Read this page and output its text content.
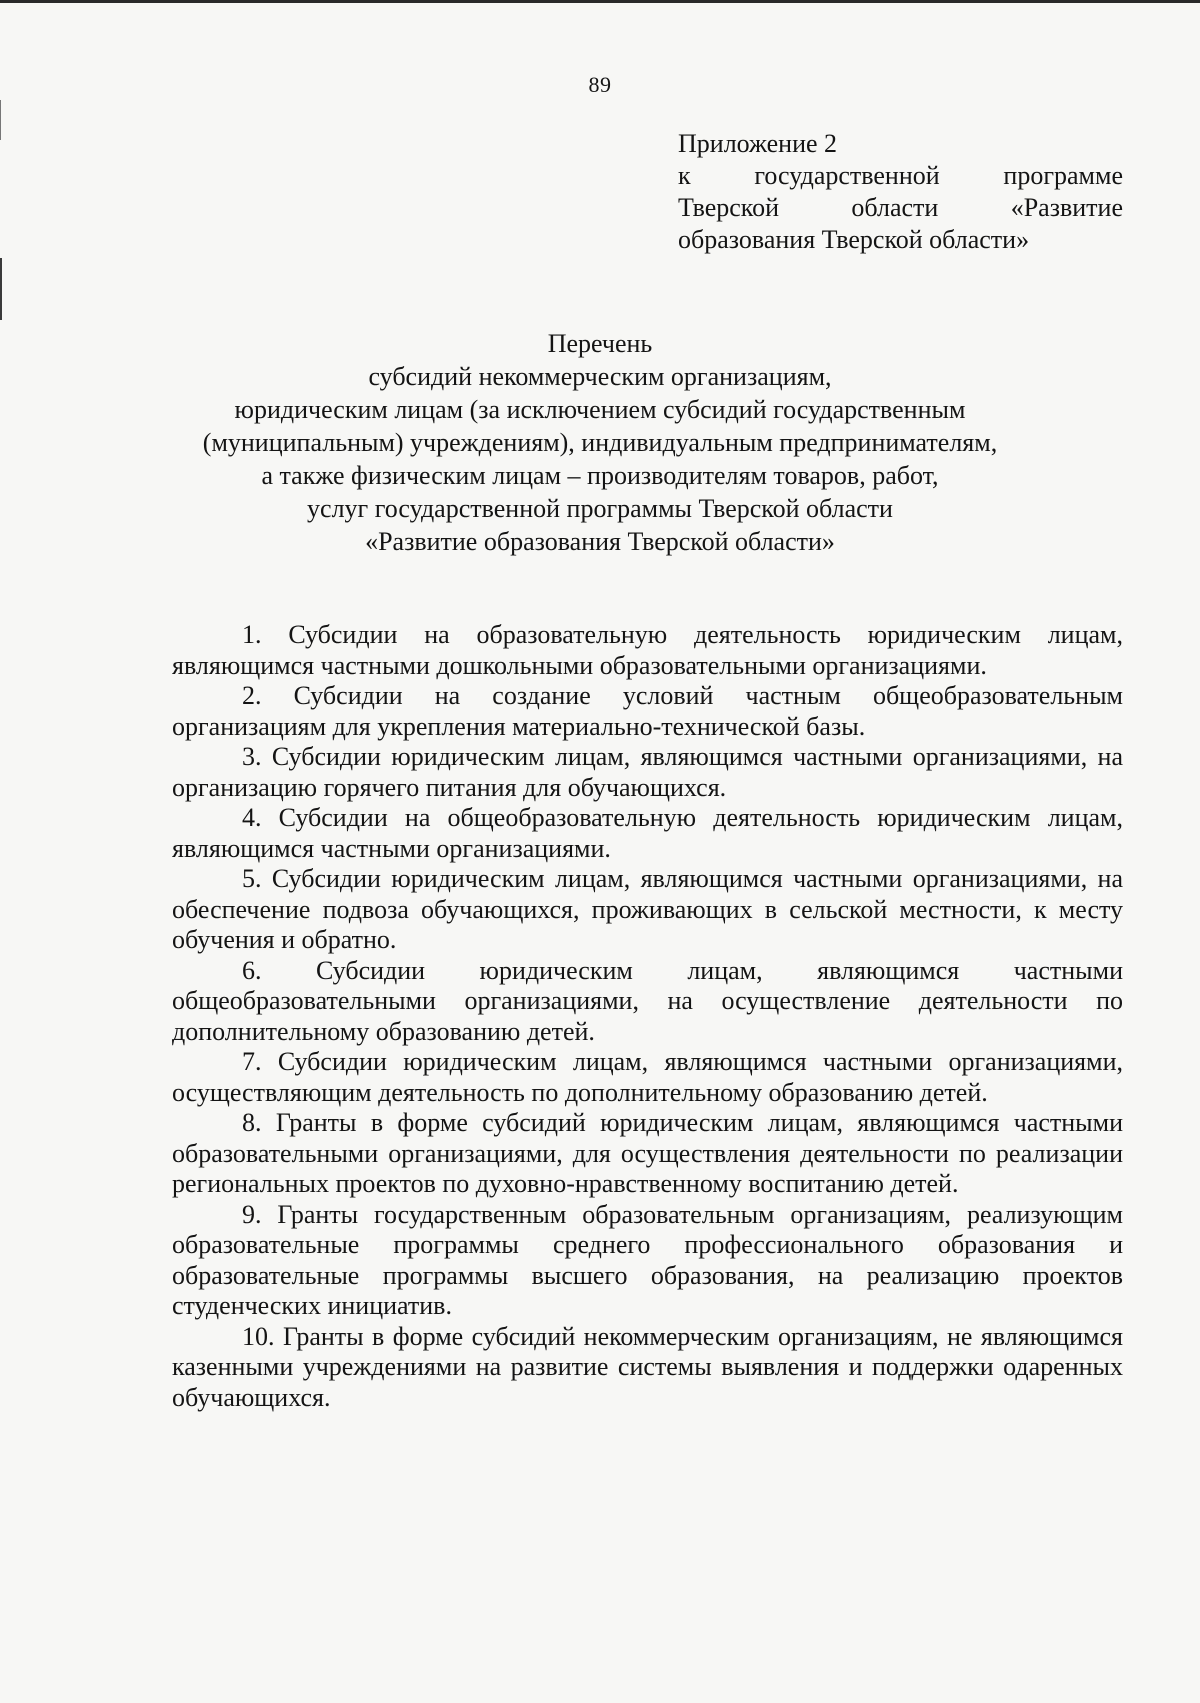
89
Приложение 2
к государственной программе
Тверской	области	«Развитие
образования Тверской области»
Перечень
субсидий некоммерческим организациям,
юридическим лицам (за исключением субсидий государственным
(муниципальным) учреждениям), индивидуальным предпринимателям,
а также физическим лицам – производителям товаров, работ,
услуг государственной программы Тверской области
«Развитие образования Тверской области»

1. Субсидии на образовательную деятельность юридическим лицам, являющимся частными дошкольными образовательными организациями.

2. Субсидии на создание условий частным общеобразовательным организациям для укрепления материально-технической базы.

3. Субсидии юридическим лицам, являющимся частными организациями, на организацию горячего питания для обучающихся.

4. Субсидии на общеобразовательную деятельность юридическим лицам, являющимся частными организациями.

5. Субсидии юридическим лицам, являющимся частными организациями, на обеспечение подвоза обучающихся, проживающих в сельской местности, к месту обучения и обратно.

6. Субсидии юридическим лицам, являющимся частными общеобразовательными организациями, на осуществление деятельности по дополнительному образованию детей.

7. Субсидии юридическим лицам, являющимся частными организациями, осуществляющим деятельность по дополнительному образованию детей.

8. Гранты в форме субсидий юридическим лицам, являющимся частными образовательными организациями, для осуществления деятельности по реализации региональных проектов по духовно-нравственному воспитанию детей.

9. Гранты государственным образовательным организациям, реализующим образовательные программы среднего профессионального образования и образовательные программы высшего образования, на реализацию проектов студенческих инициатив.

10. Гранты в форме субсидий некоммерческим организациям, не являющимся казенными учреждениями на развитие системы выявления и поддержки одаренных обучающихся.
